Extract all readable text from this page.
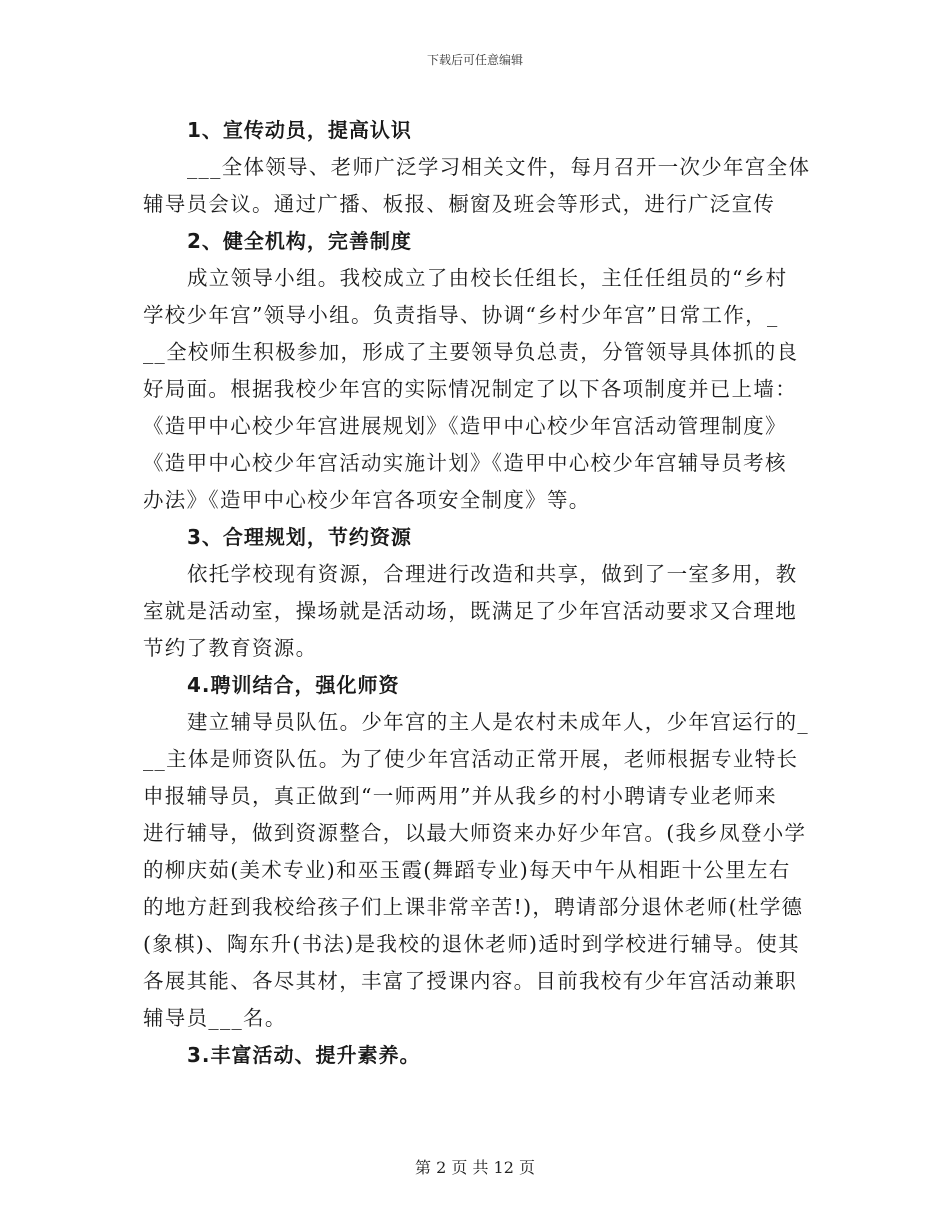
下载后可任意编辑
1、宣传动员，提高认识
___全体领导、老师广泛学习相关文件，每月召开一次少年宫全体
辅导员会议。通过广播、板报、橱窗及班会等形式，进行广泛宣传
2、健全机构，完善制度
成立领导小组。我校成立了由校长任组长，主任任组员的“乡村
学校少年宫”领导小组。负责指导、协调“乡村少年宫”日常工作，_
__全校师生积极参加，形成了主要领导负总责，分管领导具体抓的良
好局面。根据我校少年宫的实际情况制定了以下各项制度并已上墙：
《造甲中心校少年宫进展规划》《造甲中心校少年宫活动管理制度》
《造甲中心校少年宫活动实施计划》《造甲中心校少年宫辅导员考核
办法》《造甲中心校少年宫各项安全制度》等。
3、合理规划，节约资源
依托学校现有资源，合理进行改造和共享，做到了一室多用，教
室就是活动室，操场就是活动场，既满足了少年宫活动要求又合理地
节约了教育资源。
4.聘训结合，强化师资
建立辅导员队伍。少年宫的主人是农村未成年人，少年宫运行的_
__主体是师资队伍。为了使少年宫活动正常开展，老师根据专业特长
申报辅导员，真正做到“一师两用”并从我乡的村小聘请专业老师来
进行辅导，做到资源整合，以最大师资来办好少年宫。(我乡凤登小学
的柳庆茹(美术专业)和巫玉霞(舞蹈专业)每天中午从相距十公里左右
的地方赶到我校给孩子们上课非常辛苦!)，聘请部分退休老师(杜学德
(象棋)、陶东升(书法)是我校的退休老师)适时到学校进行辅导。使其
各展其能、各尽其材，丰富了授课内容。目前我校有少年宫活动兼职
辅导员___名。
3.丰富活动、提升素养。
第 2 页 共 12 页
